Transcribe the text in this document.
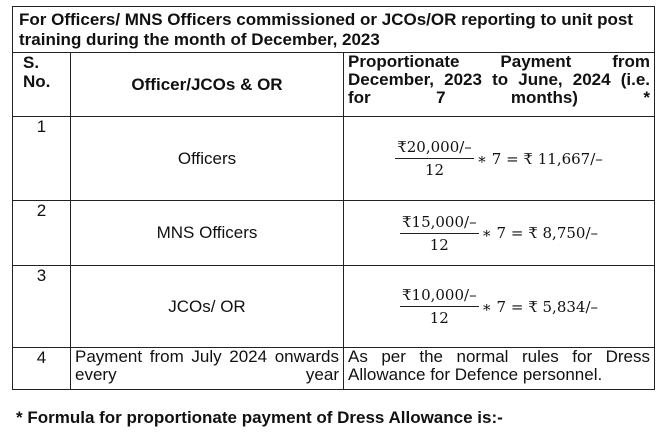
For Officers/ MNS Officers commissioned or JCOs/OR reporting to unit post training during the month of December, 2023		
S. No.	Officer/JCOs & OR	Proportionate Payment from December, 2023 to June, 2024 (i.e. for 7 months) *
1	Officers	$\frac{₹20,000/-}{12}$ ∗ 7 = ₹ 11,667/–

2	MNS Officers	$\frac{₹15,000/-}{12}$ ∗ 7 = ₹ 8,750/–

3	JCOs/ OR	$\frac{₹10,000/-}{12}$ ∗ 7 = ₹ 5,834/–

4	Payment from July 2024 onwards every year	As per the normal rules for Dress Allowance for Defence personnel.
* Formula for proportionate payment of Dress Allowance is:-
